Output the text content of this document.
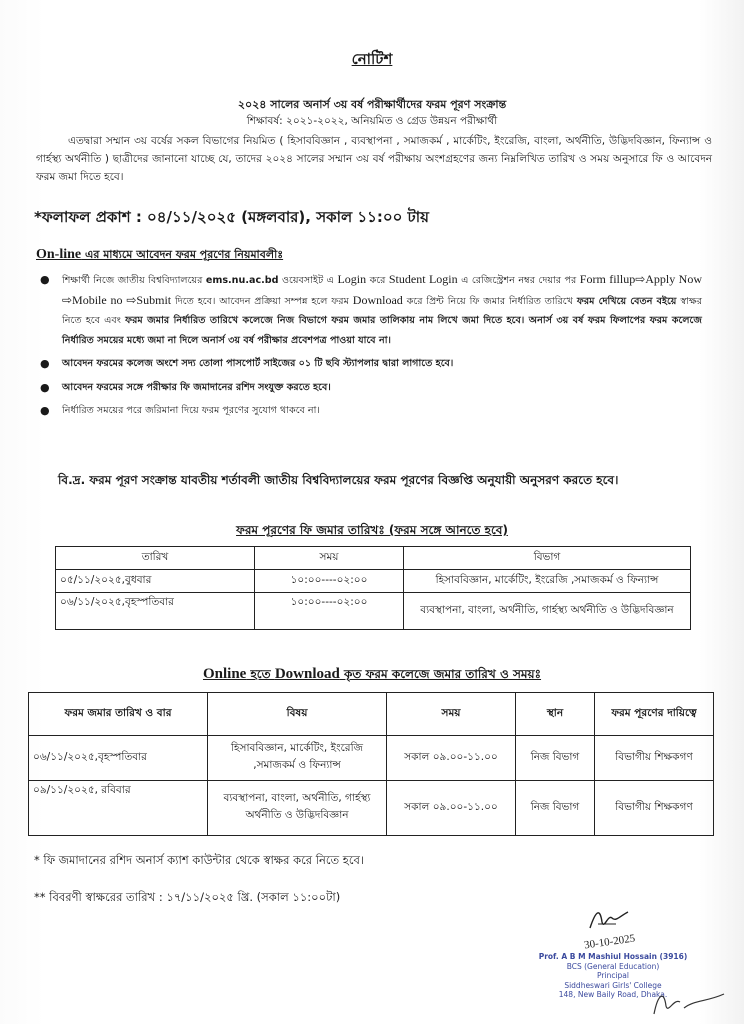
নোটিশ
২০২৪ সালের অনার্স ৩য় বর্ষ পরীক্ষার্থীদের ফরম পূরণ সংক্রান্ত
শিক্ষাবর্ষ: ২০২১-২০২২, অনিয়মিত ও গ্রেড উন্নয়ন পরীক্ষার্থী
এতদ্বারা সম্মান ৩য় বর্ষের সকল বিভাগের নিয়মিত ( হিসাববিজ্ঞান , ব্যবস্থাপনা , সমাজকর্ম , মার্কেটিং, ইংরেজি, বাংলা, অর্থনীতি, উদ্ভিদবিজ্ঞান, ফিন্যান্স ও গার্হস্থ্য অর্থনীতি ) ছাত্রীদের জানানো যাচ্ছে যে, তাদের ২০২৪ সালের সম্মান ৩য় বর্ষ পরীক্ষায় অংশগ্রহণের জন্য নিম্নলিখিত তারিখ ও সময় অনুসারে ফি ও আবেদন ফরম জমা দিতে হবে।
*ফলাফল প্রকাশ : ০৪/১১/২০২৫ (মঙ্গলবার), সকাল ১১:০০ টায়
On-line এর মাধ্যমে আবেদন ফরম পূরণের নিয়মাবলীঃ
● শিক্ষার্থী নিজে জাতীয় বিশ্ববিদ্যালয়ের ems.nu.ac.bd ওয়েবসাইট এ Login করে Student Login এ রেজিস্ট্রেশন নম্বর দেয়ার পর Form fillup⇨Apply Now ⇨Mobile no ⇨Submit দিতে হবে। আবেদন প্রক্রিয়া সম্পন্ন হলে ফরম Download করে প্রিন্ট নিয়ে ফি জমার নির্ধারিত তারিখে ফরম দেখিয়ে বেতন বইয়ে স্বাক্ষর নিতে হবে এবং ফরম জমার নির্ধারিত তারিখে কলেজে নিজ বিভাগে ফরম জমার তালিকায় নাম লিখে জমা দিতে হবে। অনার্স ৩য় বর্ষ ফরম ফিলাপের ফরম কলেজে নির্ধারিত সময়ের মধ্যে জমা না দিলে অনার্স ৩য় বর্ষ পরীক্ষার প্রবেশপত্র পাওয়া যাবে না।
● আবেদন ফরমের কলেজ অংশে সদ্য তোলা পাসপোর্ট সাইজের ০১ টি ছবি স্ট্যাপলার দ্বারা লাগাতে হবে।
● আবেদন ফরমের সঙ্গে পরীক্ষার ফি জমাদানের রশিদ সংযুক্ত করতে হবে।
● নির্ধারিত সময়ের পরে জরিমানা দিয়ে ফরম পূরণের সুযোগ থাকবে না।
বি.দ্র. ফরম পূরণ সংক্রান্ত যাবতীয় শর্তাবলী জাতীয় বিশ্ববিদ্যালয়ের ফরম পূরণের বিজ্ঞপ্তি অনুযায়ী অনুসরণ করতে হবে।
ফরম পূরণের ফি জমার তারিখঃ (ফরম সঙ্গে আনতে হবে)
তারিখ	সময়	বিভাগ
০৫/১১/২০২৫,বুধবার	১০:০০----০২:০০	হিসাববিজ্ঞান, মার্কেটিং, ইংরেজি ,সমাজকর্ম ও ফিন্যান্স
০৬/১১/২০২৫,বৃহস্পতিবার	১০:০০----০২:০০	ব্যবস্থাপনা, বাংলা, অর্থনীতি, গার্হস্থ্য অর্থনীতি ও উদ্ভিদবিজ্ঞান
Online হতে Download কৃত ফরম কলেজে জমার তারিখ ও সময়ঃ
ফরম জমার তারিখ ও বার	বিষয়	সময়	স্থান	ফরম পূরণের দায়িত্বে
০৬/১১/২০২৫,বৃহস্পতিবার	হিসাববিজ্ঞান, মার্কেটিং, ইংরেজি ,সমাজকর্ম ও ফিন্যান্স	সকাল ০৯.০০-১১.০০	নিজ বিভাগ	বিভাগীয় শিক্ষকগণ
০৯/১১/২০২৫, রবিবার	ব্যবস্থাপনা, বাংলা, অর্থনীতি, গার্হস্থ্য অর্থনীতি ও উদ্ভিদবিজ্ঞান	সকাল ০৯.০০-১১.০০	নিজ বিভাগ	বিভাগীয় শিক্ষকগণ
* ফি জমাদানের রশিদ অনার্স ক্যাশ কাউন্টার থেকে স্বাক্ষর করে নিতে হবে।
** বিবরণী স্বাক্ষরের তারিখ : ১৭/১১/২০২৫ খ্রি. (সকাল ১১:০০টা)
30-10-2025
Prof. A B M Mashiul Hossain (3916)
BCS (General Education)
Principal
Siddheswari Girls' College
148, New Baily Road, Dhaka.
